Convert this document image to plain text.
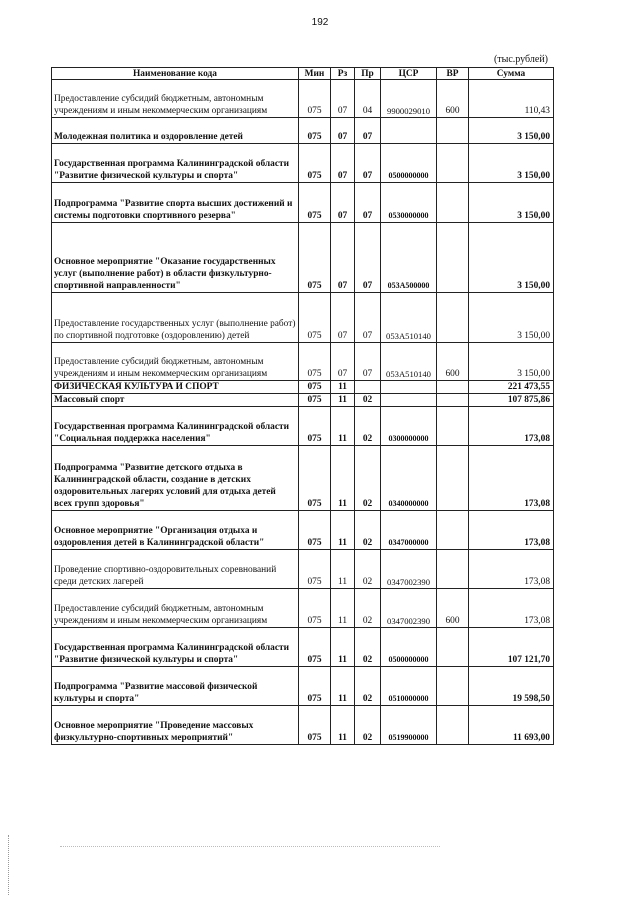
192
(тыс.рублей)
Наименование кода	Мин	Рз	Пр	ЦСР	ВР	Сумма
Предоставление субсидий бюджетным, автономным учреждениям и иным некоммерческим организациям	075	07	04	9900029010	600	110,43
Молодежная политика и оздоровление детей	075	07	07			3 150,00
Государственная программа Калининградской области "Развитие физической культуры и спорта"	075	07	07	0500000000		3 150,00
Подпрограмма "Развитие спорта высших достижений и системы подготовки спортивного резерва"	075	07	07	0530000000		3 150,00
Основное мероприятие "Оказание государственных услуг (выполнение работ) в области физкультурно-спортивной направленности"	075	07	07	053A500000		3 150,00
Предоставление государственных услуг (выполнение работ) по спортивной подготовке (оздоровлению) детей	075	07	07	053A510140		3 150,00
Предоставление субсидий бюджетным, автономным учреждениям и иным некоммерческим организациям	075	07	07	053A510140	600	3 150,00
ФИЗИЧЕСКАЯ КУЛЬТУРА И СПОРТ	075	11				221 473,55
Массовый спорт	075	11	02			107 875,86
Государственная программа Калининградской области "Социальная поддержка населения"	075	11	02	0300000000		173,08
Подпрограмма "Развитие детского отдыха в Калининградской области, создание в детских оздоровительных лагерях условий для отдыха детей всех групп здоровья"	075	11	02	0340000000		173,08
Основное мероприятие "Организация отдыха и оздоровления детей в Калининградской области"	075	11	02	0347000000		173,08
Проведение спортивно-оздоровительных соревнований среди детских лагерей	075	11	02	0347002390		173,08
Предоставление субсидий бюджетным, автономным учреждениям и иным некоммерческим организациям	075	11	02	0347002390	600	173,08
Государственная программа Калининградской области "Развитие физической культуры и спорта"	075	11	02	0500000000		107 121,70
Подпрограмма "Развитие массовой физической культуры и спорта"	075	11	02	0510000000		19 598,50
Основное мероприятие "Проведение массовых физкультурно-спортивных мероприятий"	075	11	02	0519900000		11 693,00
